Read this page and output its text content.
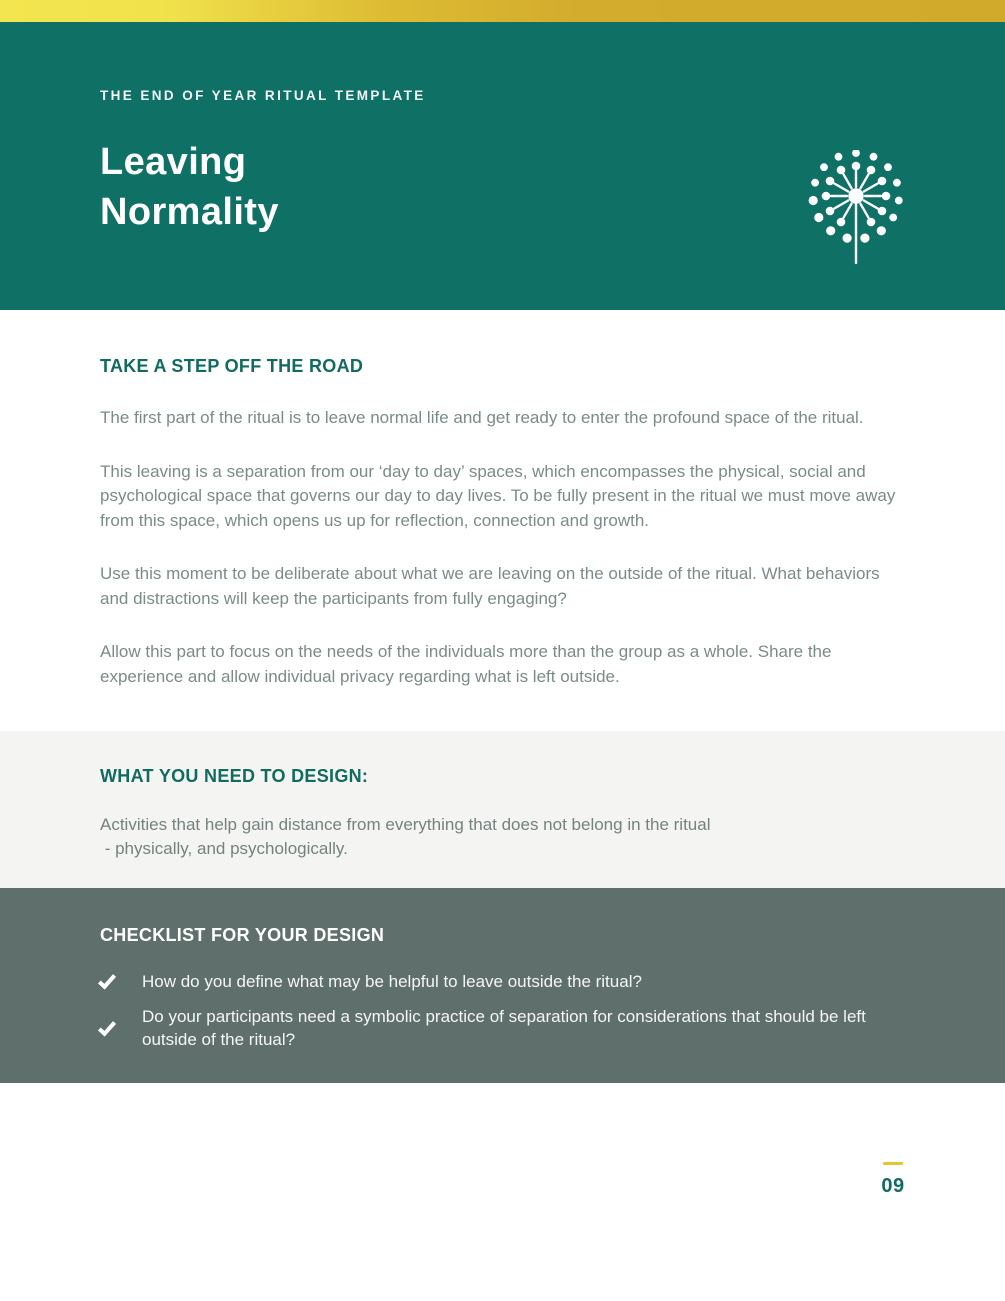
THE END OF YEAR RITUAL TEMPLATE
Leaving
Normality
TAKE A STEP OFF THE ROAD

The first part of the ritual is to leave normal life and get ready to enter the profound space of the ritual.

This leaving is a separation from our ‘day to day’ spaces, which encompasses the physical, social and psychological space that governs our day to day lives. To be fully present in the ritual we must move away from this space, which opens us up for reflection, connection and growth.

Use this moment to be deliberate about what we are leaving on the outside of the ritual. What behaviors and distractions will keep the participants from fully engaging?

Allow this part to focus on the needs of the individuals more than the group as a whole. Share the experience and allow individual privacy regarding what is left outside.

WHAT YOU NEED TO DESIGN:
Activities that help gain distance from everything that does not belong in the ritual
- physically, and psychologically.
CHECKLIST FOR YOUR DESIGN
How do you define what may be helpful to leave outside the ritual?
Do your participants need a symbolic practice of separation for considerations that should be left outside of the ritual?
09
